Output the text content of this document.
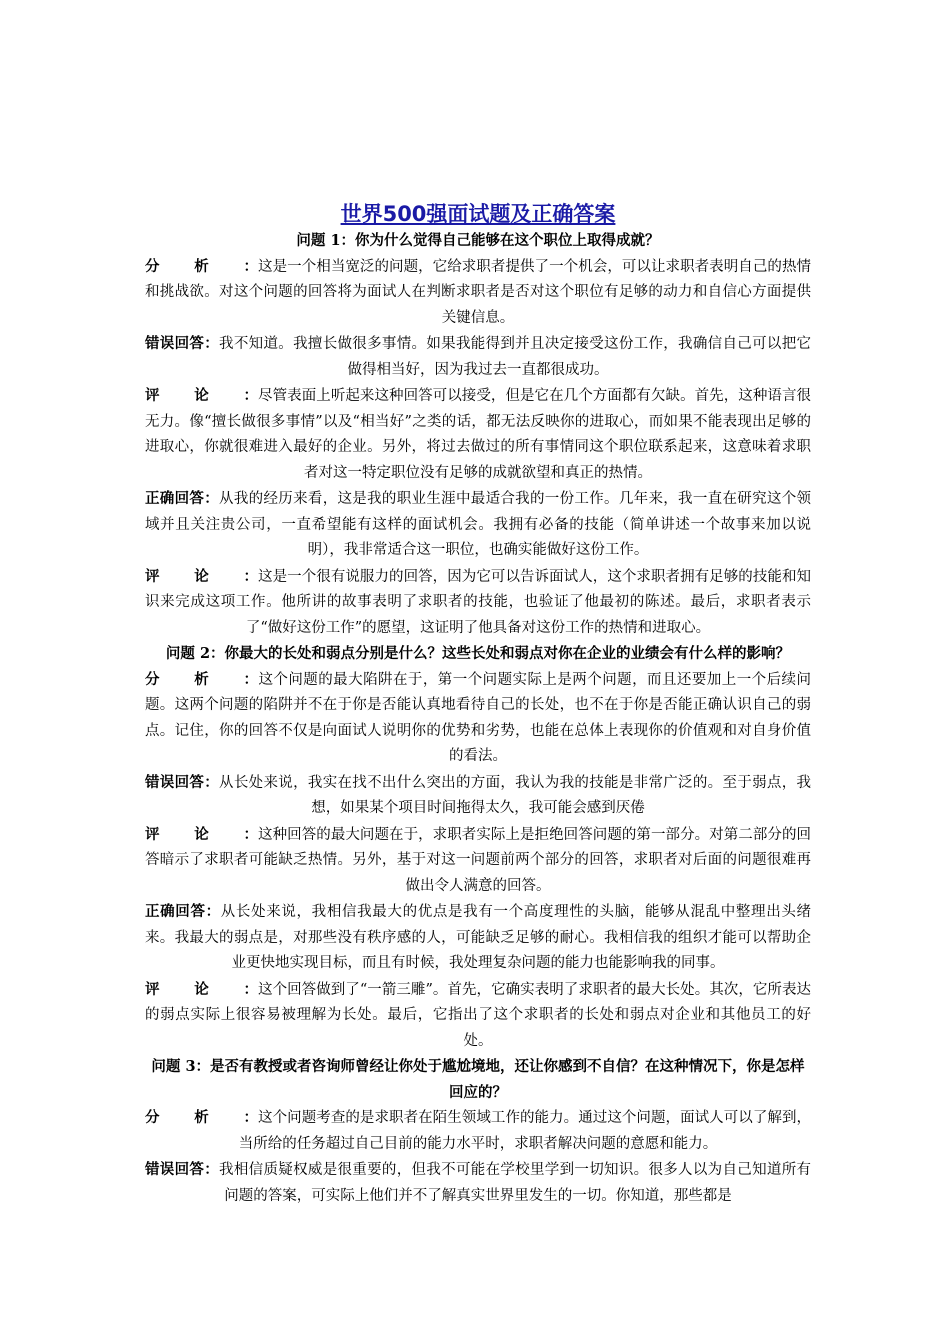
世界500强面试题及正确答案

问题 1：你为什么觉得自己能够在这个职位上取得成就？

分析：这是一个相当宽泛的问题，它给求职者提供了一个机会，可以让求职者表明自己的热情和挑战欲。对这个问题的回答将为面试人在判断求职者是否对这个职位有足够的动力和自信心方面提供关键信息。

错误回答：我不知道。我擅长做很多事情。如果我能得到并且决定接受这份工作，我确信自己可以把它做得相当好，因为我过去一直都很成功。

评论：尽管表面上听起来这种回答可以接受，但是它在几个方面都有欠缺。首先，这种语言很无力。像“擅长做很多事情”以及“相当好”之类的话，都无法反映你的进取心，而如果不能表现出足够的进取心，你就很难进入最好的企业。另外，将过去做过的所有事情同这个职位联系起来，这意味着求职者对这一特定职位没有足够的成就欲望和真正的热情。

正确回答：从我的经历来看，这是我的职业生涯中最适合我的一份工作。几年来，我一直在研究这个领域并且关注贵公司，一直希望能有这样的面试机会。我拥有必备的技能（简单讲述一个故事来加以说明），我非常适合这一职位，也确实能做好这份工作。

评论：这是一个很有说服力的回答，因为它可以告诉面试人，这个求职者拥有足够的技能和知识来完成这项工作。他所讲的故事表明了求职者的技能，也验证了他最初的陈述。最后，求职者表示了“做好这份工作”的愿望，这证明了他具备对这份工作的热情和进取心。

问题 2：你最大的长处和弱点分别是什么？这些长处和弱点对你在企业的业绩会有什么样的影响？

分析：这个问题的最大陷阱在于，第一个问题实际上是两个问题，而且还要加上一个后续问题。这两个问题的陷阱并不在于你是否能认真地看待自己的长处，也不在于你是否能正确认识自己的弱点。记住，你的回答不仅是向面试人说明你的优势和劣势，也能在总体上表现你的价值观和对自身价值的看法。

错误回答：从长处来说，我实在找不出什么突出的方面，我认为我的技能是非常广泛的。至于弱点，我想，如果某个项目时间拖得太久，我可能会感到厌倦

评论：这种回答的最大问题在于，求职者实际上是拒绝回答问题的第一部分。对第二部分的回答暗示了求职者可能缺乏热情。另外，基于对这一问题前两个部分的回答，求职者对后面的问题很难再做出令人满意的回答。

正确回答：从长处来说，我相信我最大的优点是我有一个高度理性的头脑，能够从混乱中整理出头绪来。我最大的弱点是，对那些没有秩序感的人，可能缺乏足够的耐心。我相信我的组织才能可以帮助企业更快地实现目标，而且有时候，我处理复杂问题的能力也能影响我的同事。

评论：这个回答做到了“一箭三雕”。首先，它确实表明了求职者的最大长处。其次，它所表达的弱点实际上很容易被理解为长处。最后，它指出了这个求职者的长处和弱点对企业和其他员工的好处。

问题 3：是否有教授或者咨询师曾经让你处于尴尬境地，还让你感到不自信？在这种情况下，你是怎样回应的？

分析：这个问题考查的是求职者在陌生领域工作的能力。通过这个问题，面试人可以了解到，当所给的任务超过自己目前的能力水平时，求职者解决问题的意愿和能力。

错误回答：我相信质疑权威是很重要的，但我不可能在学校里学到一切知识。很多人以为自己知道所有问题的答案，可实际上他们并不了解真实世界里发生的一切。你知道，那些都是
